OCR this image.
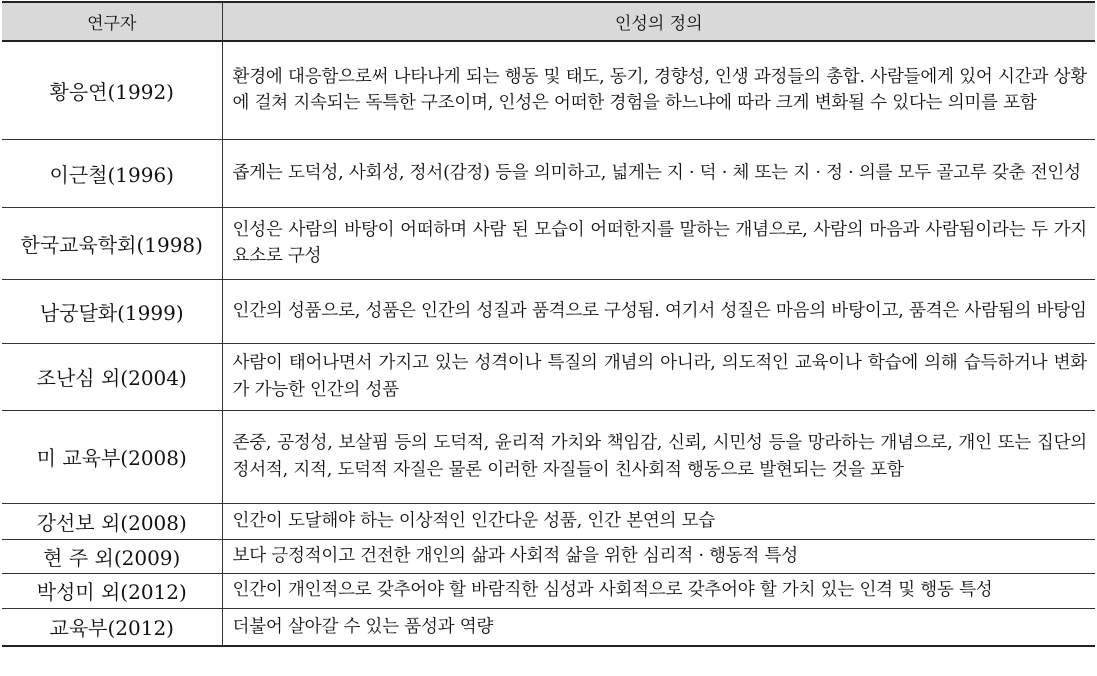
연구자	인성의 정의
황응연(1992)	환경에 대응함으로써 나타나게 되는 행동 및 태도, 동기, 경향성, 인생 과정들의 총합. 사람들에게 있어 시간과 상황에 걸쳐 지속되는 독특한 구조이며, 인성은 어떠한 경험을 하느냐에 따라 크게 변화될 수 있다는 의미를 포함
이근철(1996)	좁게는 도덕성, 사회성, 정서(감정) 등을 의미하고, 넓게는 지 · 덕 · 체 또는 지 · 정 · 의를 모두 골고루 갖춘 전인성
한국교육학회(1998)	인성은 사람의 바탕이 어떠하며 사람 된 모습이 어떠한지를 말하는 개념으로, 사람의 마음과 사람됨이라는 두 가지 요소로 구성
남궁달화(1999)	인간의 성품으로, 성품은 인간의 성질과 품격으로 구성됨. 여기서 성질은 마음의 바탕이고, 품격은 사람됨의 바탕임
조난심 외(2004)	사람이 태어나면서 가지고 있는 성격이나 특질의 개념의 아니라, 의도적인 교육이나 학습에 의해 습득하거나 변화가 가능한 인간의 성품
미 교육부(2008)	존중, 공정성, 보살핌 등의 도덕적, 윤리적 가치와 책임감, 신뢰, 시민성 등을 망라하는 개념으로, 개인 또는 집단의 정서적, 지적, 도덕적 자질은 물론 이러한 자질들이 친사회적 행동으로 발현되는 것을 포함
강선보 외(2008)	인간이 도달해야 하는 이상적인 인간다운 성품, 인간 본연의 모습
현 주 외(2009)	보다 긍정적이고 건전한 개인의 삶과 사회적 삶을 위한 심리적 · 행동적 특성
박성미 외(2012)	인간이 개인적으로 갖추어야 할 바람직한 심성과 사회적으로 갖추어야 할 가치 있는 인격 및 행동 특성
교육부(2012)	더불어 살아갈 수 있는 품성과 역량
